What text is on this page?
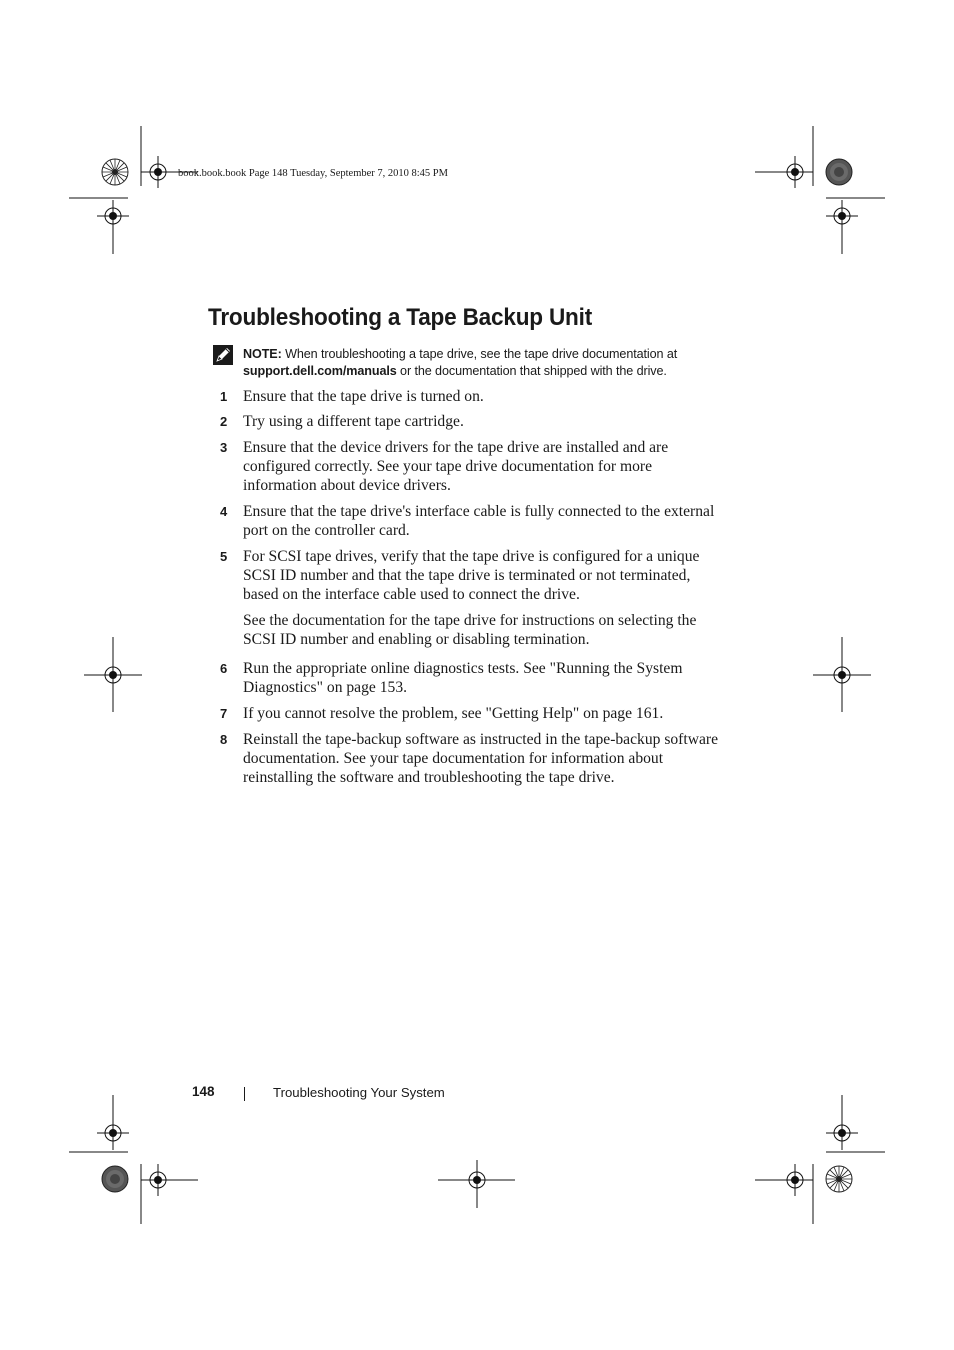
book.book.book Page 148 Tuesday, September 7, 2010 8:45 PM
Troubleshooting a Tape Backup Unit
NOTE: When troubleshooting a tape drive, see the tape drive documentation at support.dell.com/manuals or the documentation that shipped with the drive.
1 Ensure that the tape drive is turned on.
2 Try using a different tape cartridge.
3 Ensure that the device drivers for the tape drive are installed and are configured correctly. See your tape drive documentation for more information about device drivers.
4 Ensure that the tape drive's interface cable is fully connected to the external port on the controller card.
5 For SCSI tape drives, verify that the tape drive is configured for a unique SCSI ID number and that the tape drive is terminated or not terminated, based on the interface cable used to connect the drive.
See the documentation for the tape drive for instructions on selecting the SCSI ID number and enabling or disabling termination.
6 Run the appropriate online diagnostics tests. See "Running the System Diagnostics" on page 153.
7 If you cannot resolve the problem, see "Getting Help" on page 161.
8 Reinstall the tape-backup software as instructed in the tape-backup software documentation. See your tape documentation for information about reinstalling the software and troubleshooting the tape drive.
148	Troubleshooting Your System
